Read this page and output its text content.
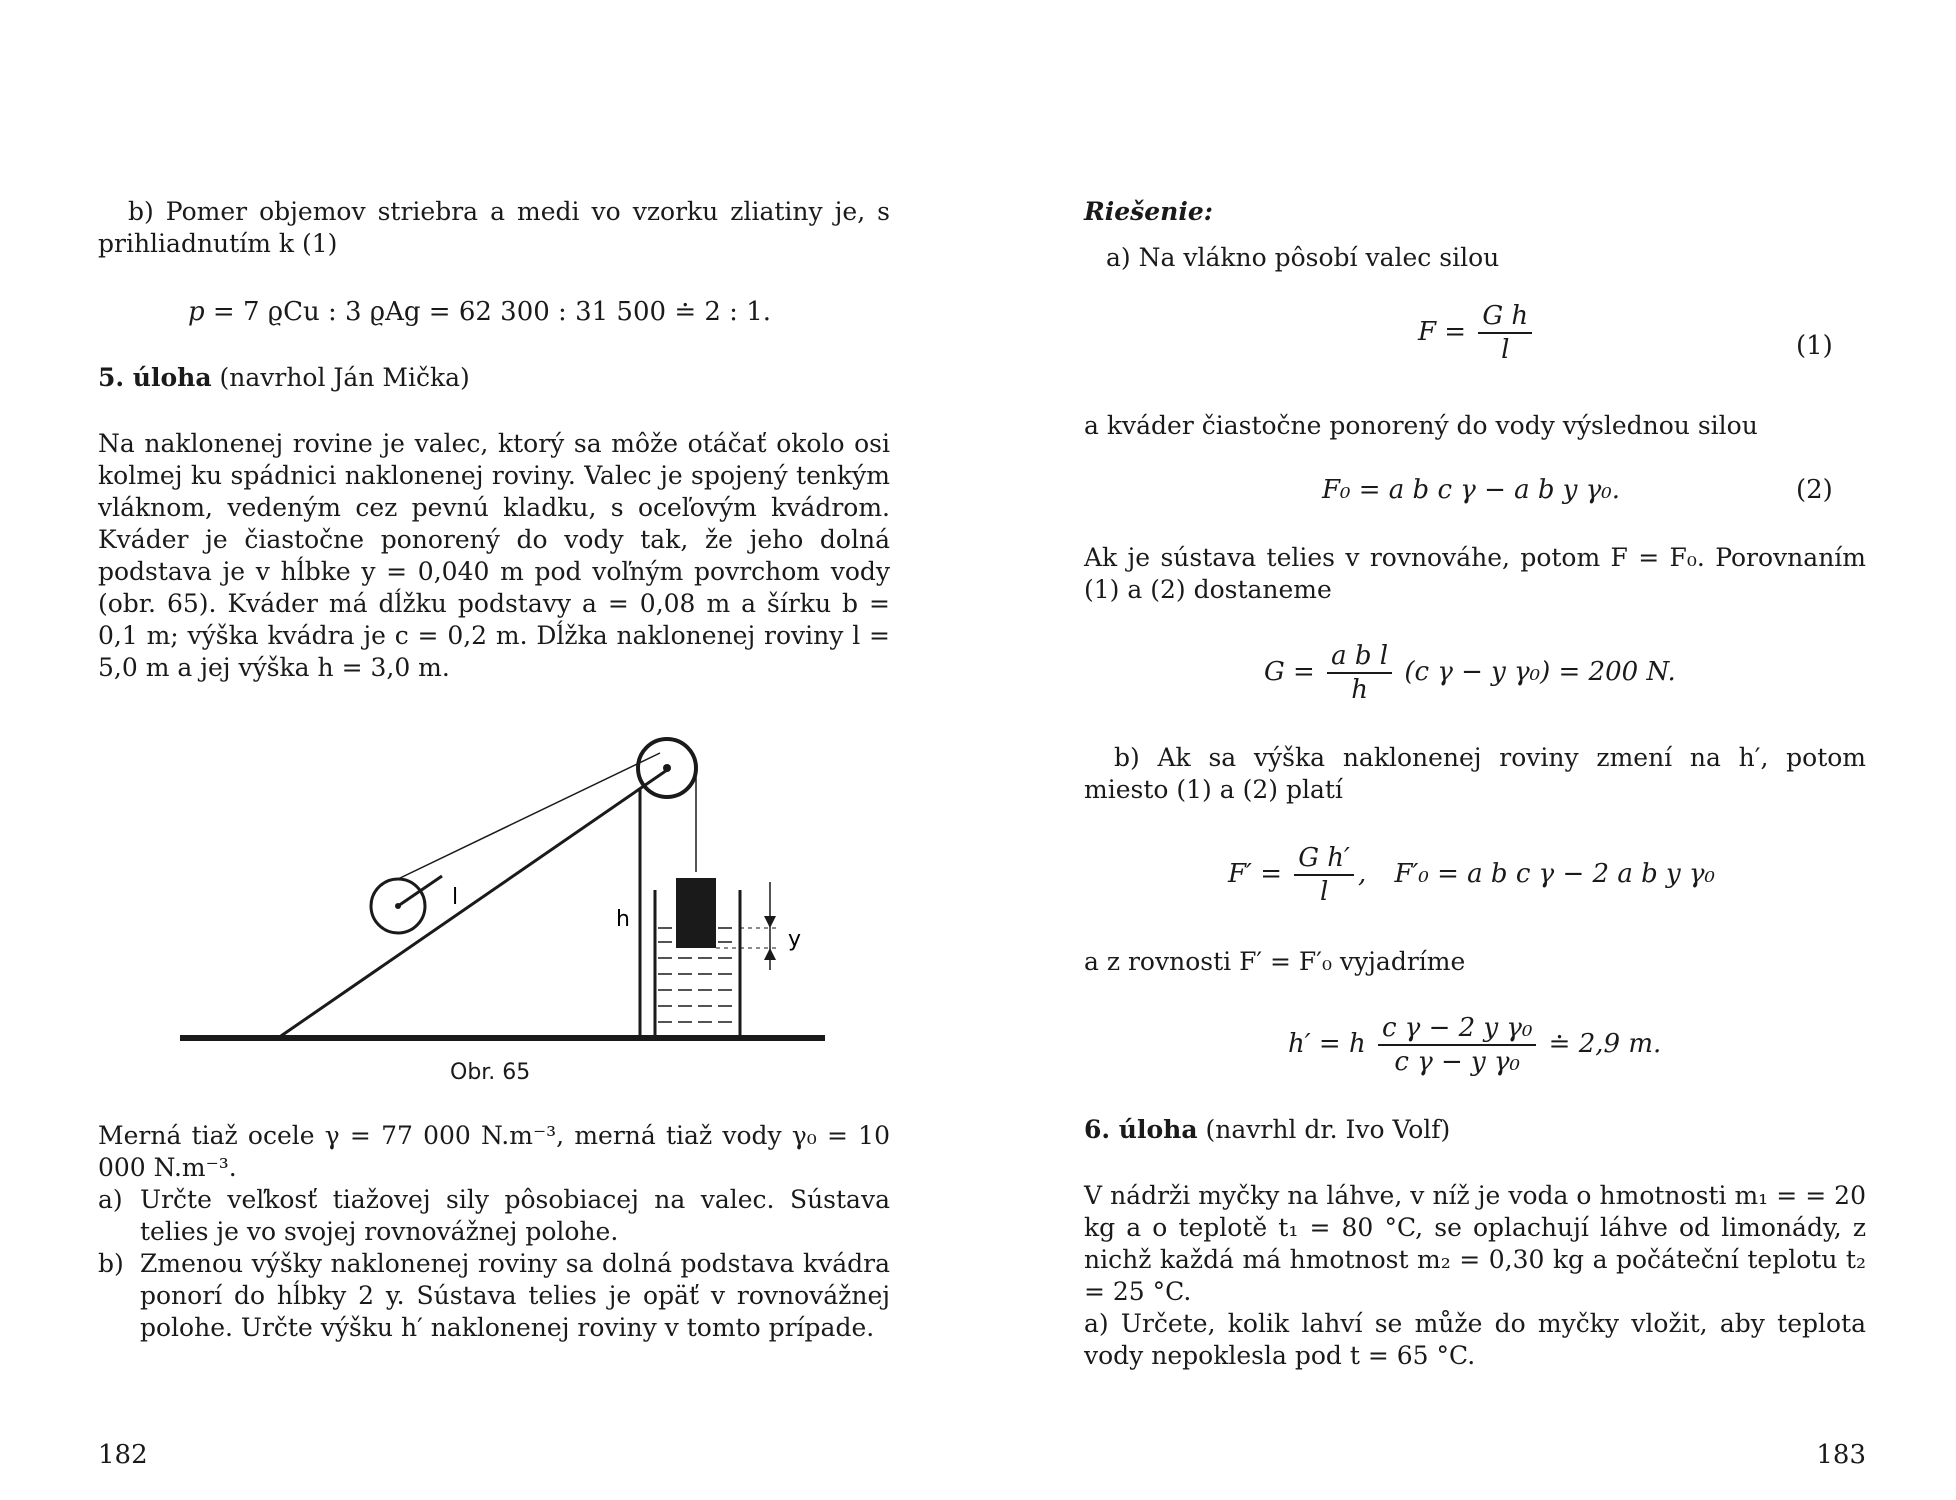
b) Pomer objemov striebra a medi vo vzorku zliatiny je, s prihliadnutím k (1)
p = 7 ϱCu : 3 ϱAg = 62 300 : 31 500 ≐ 2 : 1.
5. úloha (navrhol Ján Mička)
Na naklonenej rovine je valec, ktorý sa môže otáčať okolo osi kolmej ku spádnici naklonenej roviny. Valec je spojený tenkým vláknom, vedeným cez pevnú kladku, s oceľovým kvádrom. Kváder je čiastočne ponorený do vody tak, že jeho dolná podstava je v hĺbke y = 0,040 m pod voľným povrchom vody (obr. 65). Kváder má dĺžku podstavy a = 0,08 m a šírku b = 0,1 m; výška kvádra je c = 0,2 m. Dĺžka naklonenej roviny l = 5,0 m a jej výška h = 3,0 m.
l
h
y
Obr. 65
Merná tiaž ocele γ = 77 000 N.m⁻³, merná tiaž vody γ₀ = 10 000 N.m⁻³.
a) Určte veľkosť tiažovej sily pôsobiacej na valec. Sústava telies je vo svojej rovnovážnej polohe.
b) Zmenou výšky naklonenej roviny sa dolná podstava kvádra ponorí do hĺbky 2 y. Sústava telies je opäť v rovnovážnej polohe. Určte výšku h′ naklonenej roviny v tomto prípade.
182
Riešenie:
a) Na vlákno pôsobí valec silou
$F = \frac{\text{G h}}{l}$	(1)
a kváder čiastočne ponorený do vody výslednou silou
F₀ = a b c γ − a b y γ₀.	(2)
Ak je sústava telies v rovnováhe, potom F = F₀. Porovnaním (1) a (2) dostaneme
$G = \frac{\text{a b l}}{h} (c$ γ − y γ₀) = 200 N.
b) Ak sa výška naklonenej roviny zmení na h′, potom miesto (1) a (2) platí
$F' = \frac{\text{G h′}}{l}$ , F′₀ = a b c γ − 2 a b y γ₀
a z rovnosti F′ = F′₀ vyjadríme
h′ = h $\frac{\text{c γ − 2 y γ₀}}{\text{c γ − y γ₀}}$ ≐ 2,9 m.
6. úloha (navrhl dr. Ivo Volf)
V nádrži myčky na láhve, v níž je voda o hmotnosti m₁ = = 20 kg a o teplotě t₁ = 80 °C, se oplachují láhve od limonády, z nichž každá má hmotnost m₂ = 0,30 kg a počáteční teplotu t₂ = 25 °C.
a) Určete, kolik lahví se může do myčky vložit, aby teplota vody nepoklesla pod t = 65 °C.
183
